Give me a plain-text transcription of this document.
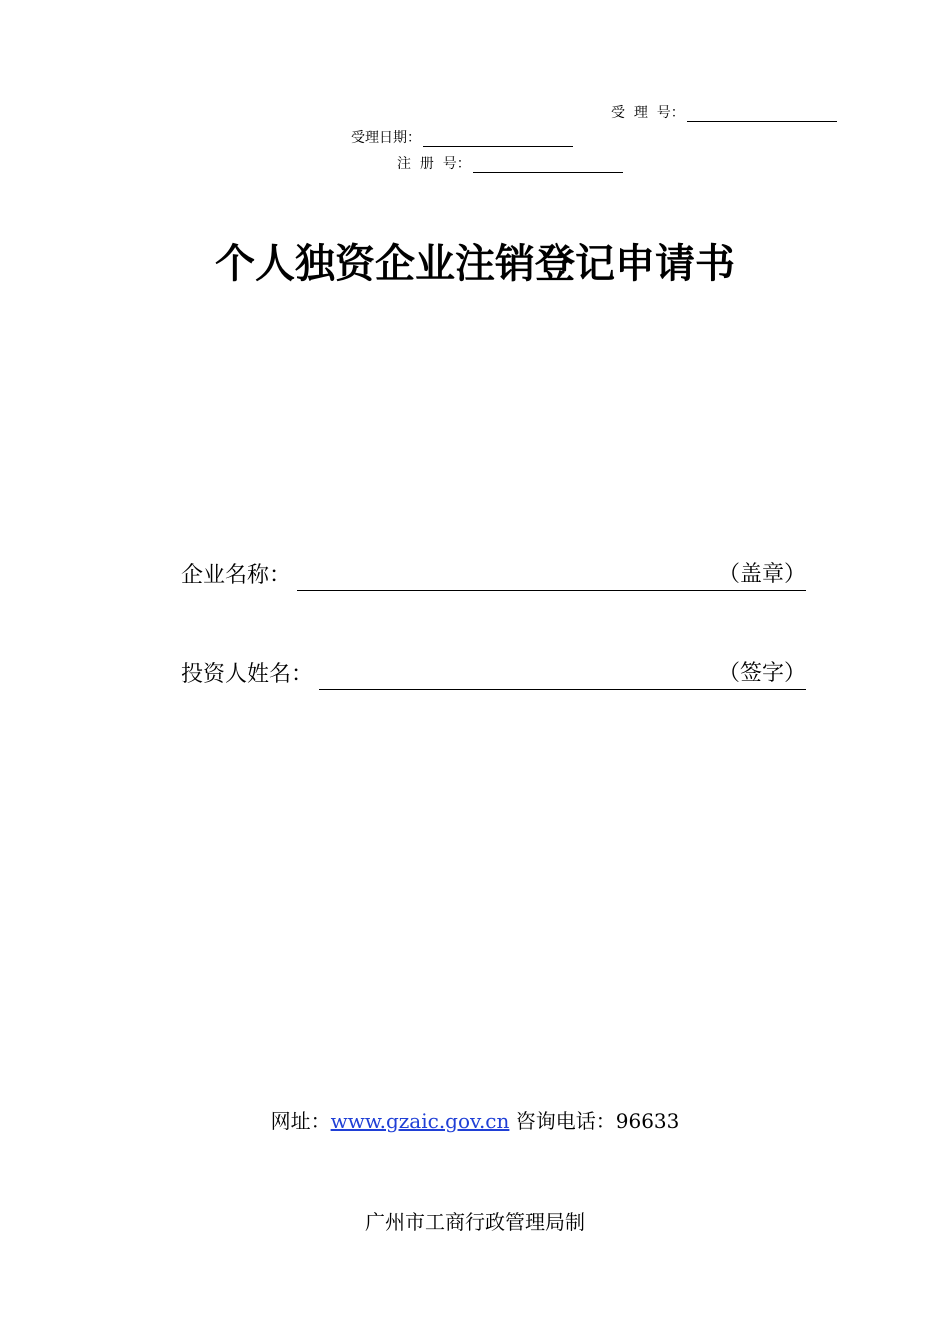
受  理  号：
受理日期：
注  册  号：
个人独资企业注销登记申请书
企业名称：	（盖章）
投资人姓名：	（签字）
网址：www.gzaic.gov.cn 咨询电话：96633
广州市工商行政管理局制
